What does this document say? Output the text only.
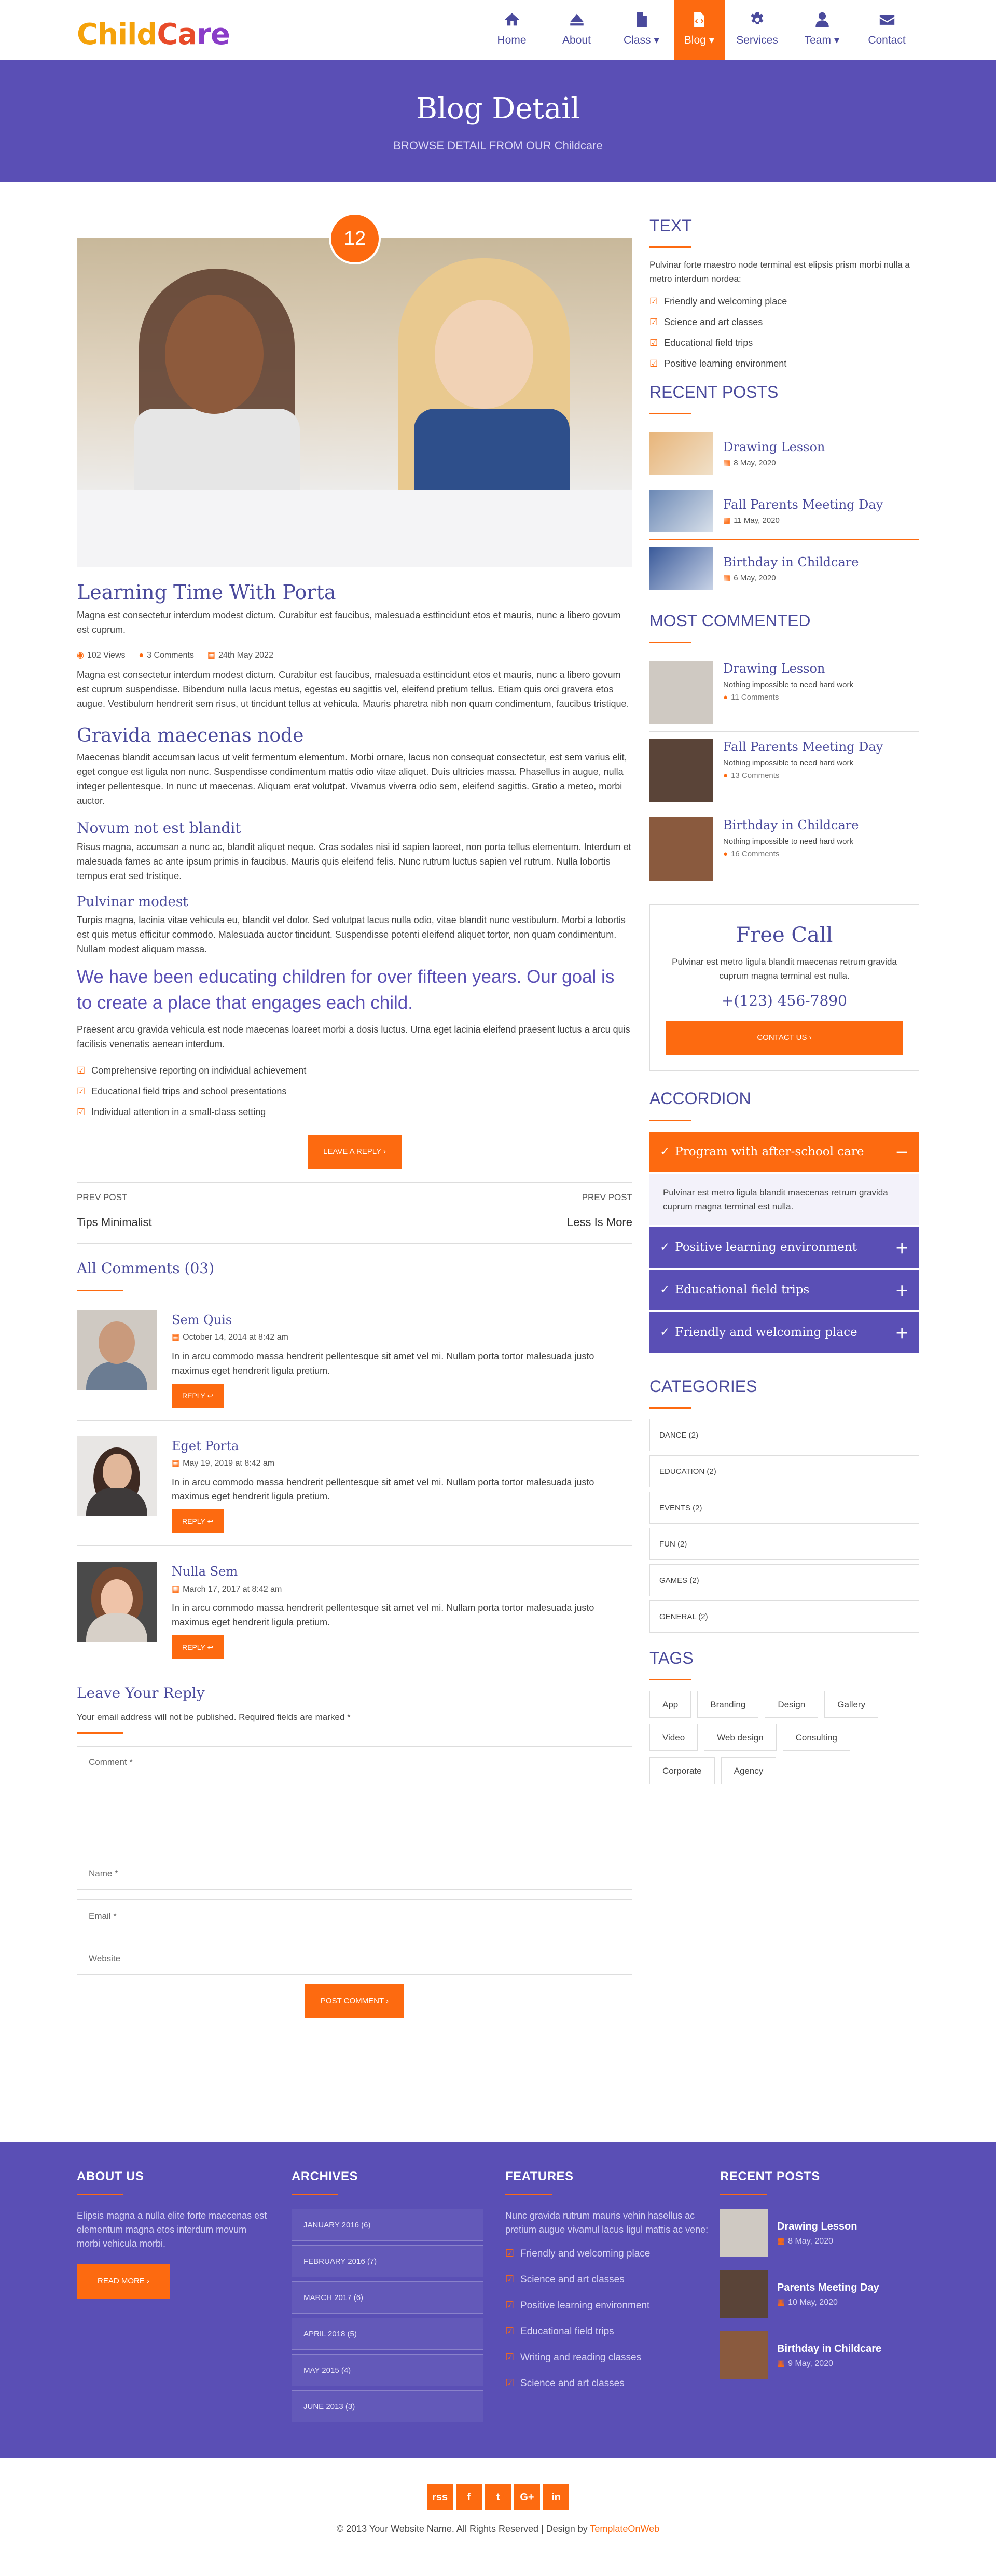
ChildCare	Home	About	Class ▾ Blog ▾ Services Team ▾	Contact
Blog Detail

BROWSE DETAIL FROM OUR Childcare

12
Learning Time With Porta

Magna est consectetur interdum modest dictum. Curabitur est faucibus, malesuada esttincidunt etos et mauris, nunc a libero govum est cuprum.

◉ 102 Views ● 3 Comments ▦ 24th May 2022

Magna est consectetur interdum modest dictum. Curabitur est faucibus, malesuada esttincidunt etos et mauris, nunc a libero govum est cuprum suspendisse. Bibendum nulla lacus metus, egestas eu sagittis vel, eleifend pretium tellus. Etiam quis orci gravera etos augue. Vestibulum hendrerit sem risus, ut tincidunt tellus at vehicula. Mauris pharetra nibh non quam condimentum, faucibus tristique.

Gravida maecenas node

Maecenas blandit accumsan lacus ut velit fermentum elementum. Morbi ornare, lacus non consequat consectetur, est sem varius elit, eget congue est ligula non nunc. Suspendisse condimentum mattis odio vitae aliquet. Duis ultricies massa. Phasellus in augue, nulla integer pellentesque. In nunc ut maecenas. Aliquam erat volutpat. Vivamus viverra odio sem, eleifend sagittis. Gratio a meteo, morbi auctor.

Novum not est blandit

Risus magna, accumsan a nunc ac, blandit aliquet neque. Cras sodales nisi id sapien laoreet, non porta tellus elementum. Interdum et malesuada fames ac ante ipsum primis in faucibus. Mauris quis eleifend felis. Nunc rutrum luctus sapien vel rutrum. Nulla lobortis tempus erat sed tristique.

Pulvinar modest

Turpis magna, lacinia vitae vehicula eu, blandit vel dolor. Sed volutpat lacus nulla odio, vitae blandit nunc vestibulum. Morbi a lobortis est quis metus efficitur commodo. Malesuada auctor tincidunt. Suspendisse potenti eleifend aliquet tortor, non quam condimentum. Nullam modest aliquam massa.

We have been educating children for over fifteen years. Our goal is to create a place that engages each child.

Praesent arcu gravida vehicula est node maecenas loareet morbi a dosis luctus. Urna eget lacinia eleifend praesent luctus a arcu quis facilisis venenatis aenean interdum.

☑ Comprehensive reporting on individual achievement
☑ Educational field trips and school presentations
☑ Individual attention in a small-class setting
LEAVE A REPLY ›
PREV POST	PREV POST
Tips Minimalist	Less Is More
All Comments (03)
Sem Quis
▦ October 14, 2014 at 8:42 am

In in arcu commodo massa hendrerit pellentesque sit amet vel mi. Nullam porta tortor malesuada justo maximus eget hendrerit ligula pretium.

REPLY ↩
Eget Porta
▦ May 19, 2019 at 8:42 am

In in arcu commodo massa hendrerit pellentesque sit amet vel mi. Nullam porta tortor malesuada justo maximus eget hendrerit ligula pretium.

REPLY ↩
Nulla Sem
▦ March 17, 2017 at 8:42 am

In in arcu commodo massa hendrerit pellentesque sit amet vel mi. Nullam porta tortor malesuada justo maximus eget hendrerit ligula pretium.

REPLY ↩
Leave Your Reply

Your email address will not be published. Required fields are marked *

Comment *
Name *
Email *
Website
POST COMMENT ›
TEXT

Pulvinar forte maestro node terminal est elipsis prism morbi nulla a metro interdum nordea:

☑ Friendly and welcoming place
☑ Science and art classes
☑ Educational field trips
☑ Positive learning environment
RECENT POSTS
Drawing Lesson
▦ 8 May, 2020
Fall Parents Meeting Day
▦ 11 May, 2020
Birthday in Childcare
▦ 6 May, 2020
MOST COMMENTED
Drawing Lesson
Nothing impossible to need hard work
● 11 Comments
Fall Parents Meeting Day
Nothing impossible to need hard work
● 13 Comments
Birthday in Childcare
Nothing impossible to need hard work
● 16 Comments
Free Call

Pulvinar est metro ligula blandit maecenas retrum gravida cuprum magna terminal est nulla.

+(123) 456-7890
CONTACT US ›
ACCORDION
✓ Program with after-school care −
Pulvinar est metro ligula blandit maecenas retrum gravida cuprum magna terminal est nulla.
✓ Positive learning environment +
✓ Educational field trips	+
✓ Friendly and welcoming place +
CATEGORIES
DANCE (2)
EDUCATION (2)
EVENTS (2)
FUN (2)
GAMES (2)
GENERAL (2)
TAGS
App	Branding	Design	Gallery
Video	Web design	Consulting
Corporate	Agency
ABOUT US

Elipsis magna a nulla elite forte maecenas est elementum magna etos interdum movum morbi vehicula morbi.

READ MORE ›
ARCHIVES
JANUARY 2016 (6)
FEBRUARY 2016 (7)
MARCH 2017 (6)
APRIL 2018 (5)
MAY 2015 (4)
JUNE 2013 (3)
FEATURES

Nunc gravida rutrum mauris vehin hasellus ac pretium augue vivamul lacus ligul mattis ac vene:

☑ Friendly and welcoming place
☑ Science and art classes
☑ Positive learning environment
☑ Educational field trips
☑ Writing and reading classes
☑ Science and art classes
RECENT POSTS
Drawing Lesson
▦ 8 May, 2020
Parents Meeting Day
▦ 10 May, 2020
Birthday in Childcare
▦ 9 May, 2020
rss	f	t	G+	in
© 2013 Your Website Name. All Rights Reserved | Design by TemplateOnWeb
